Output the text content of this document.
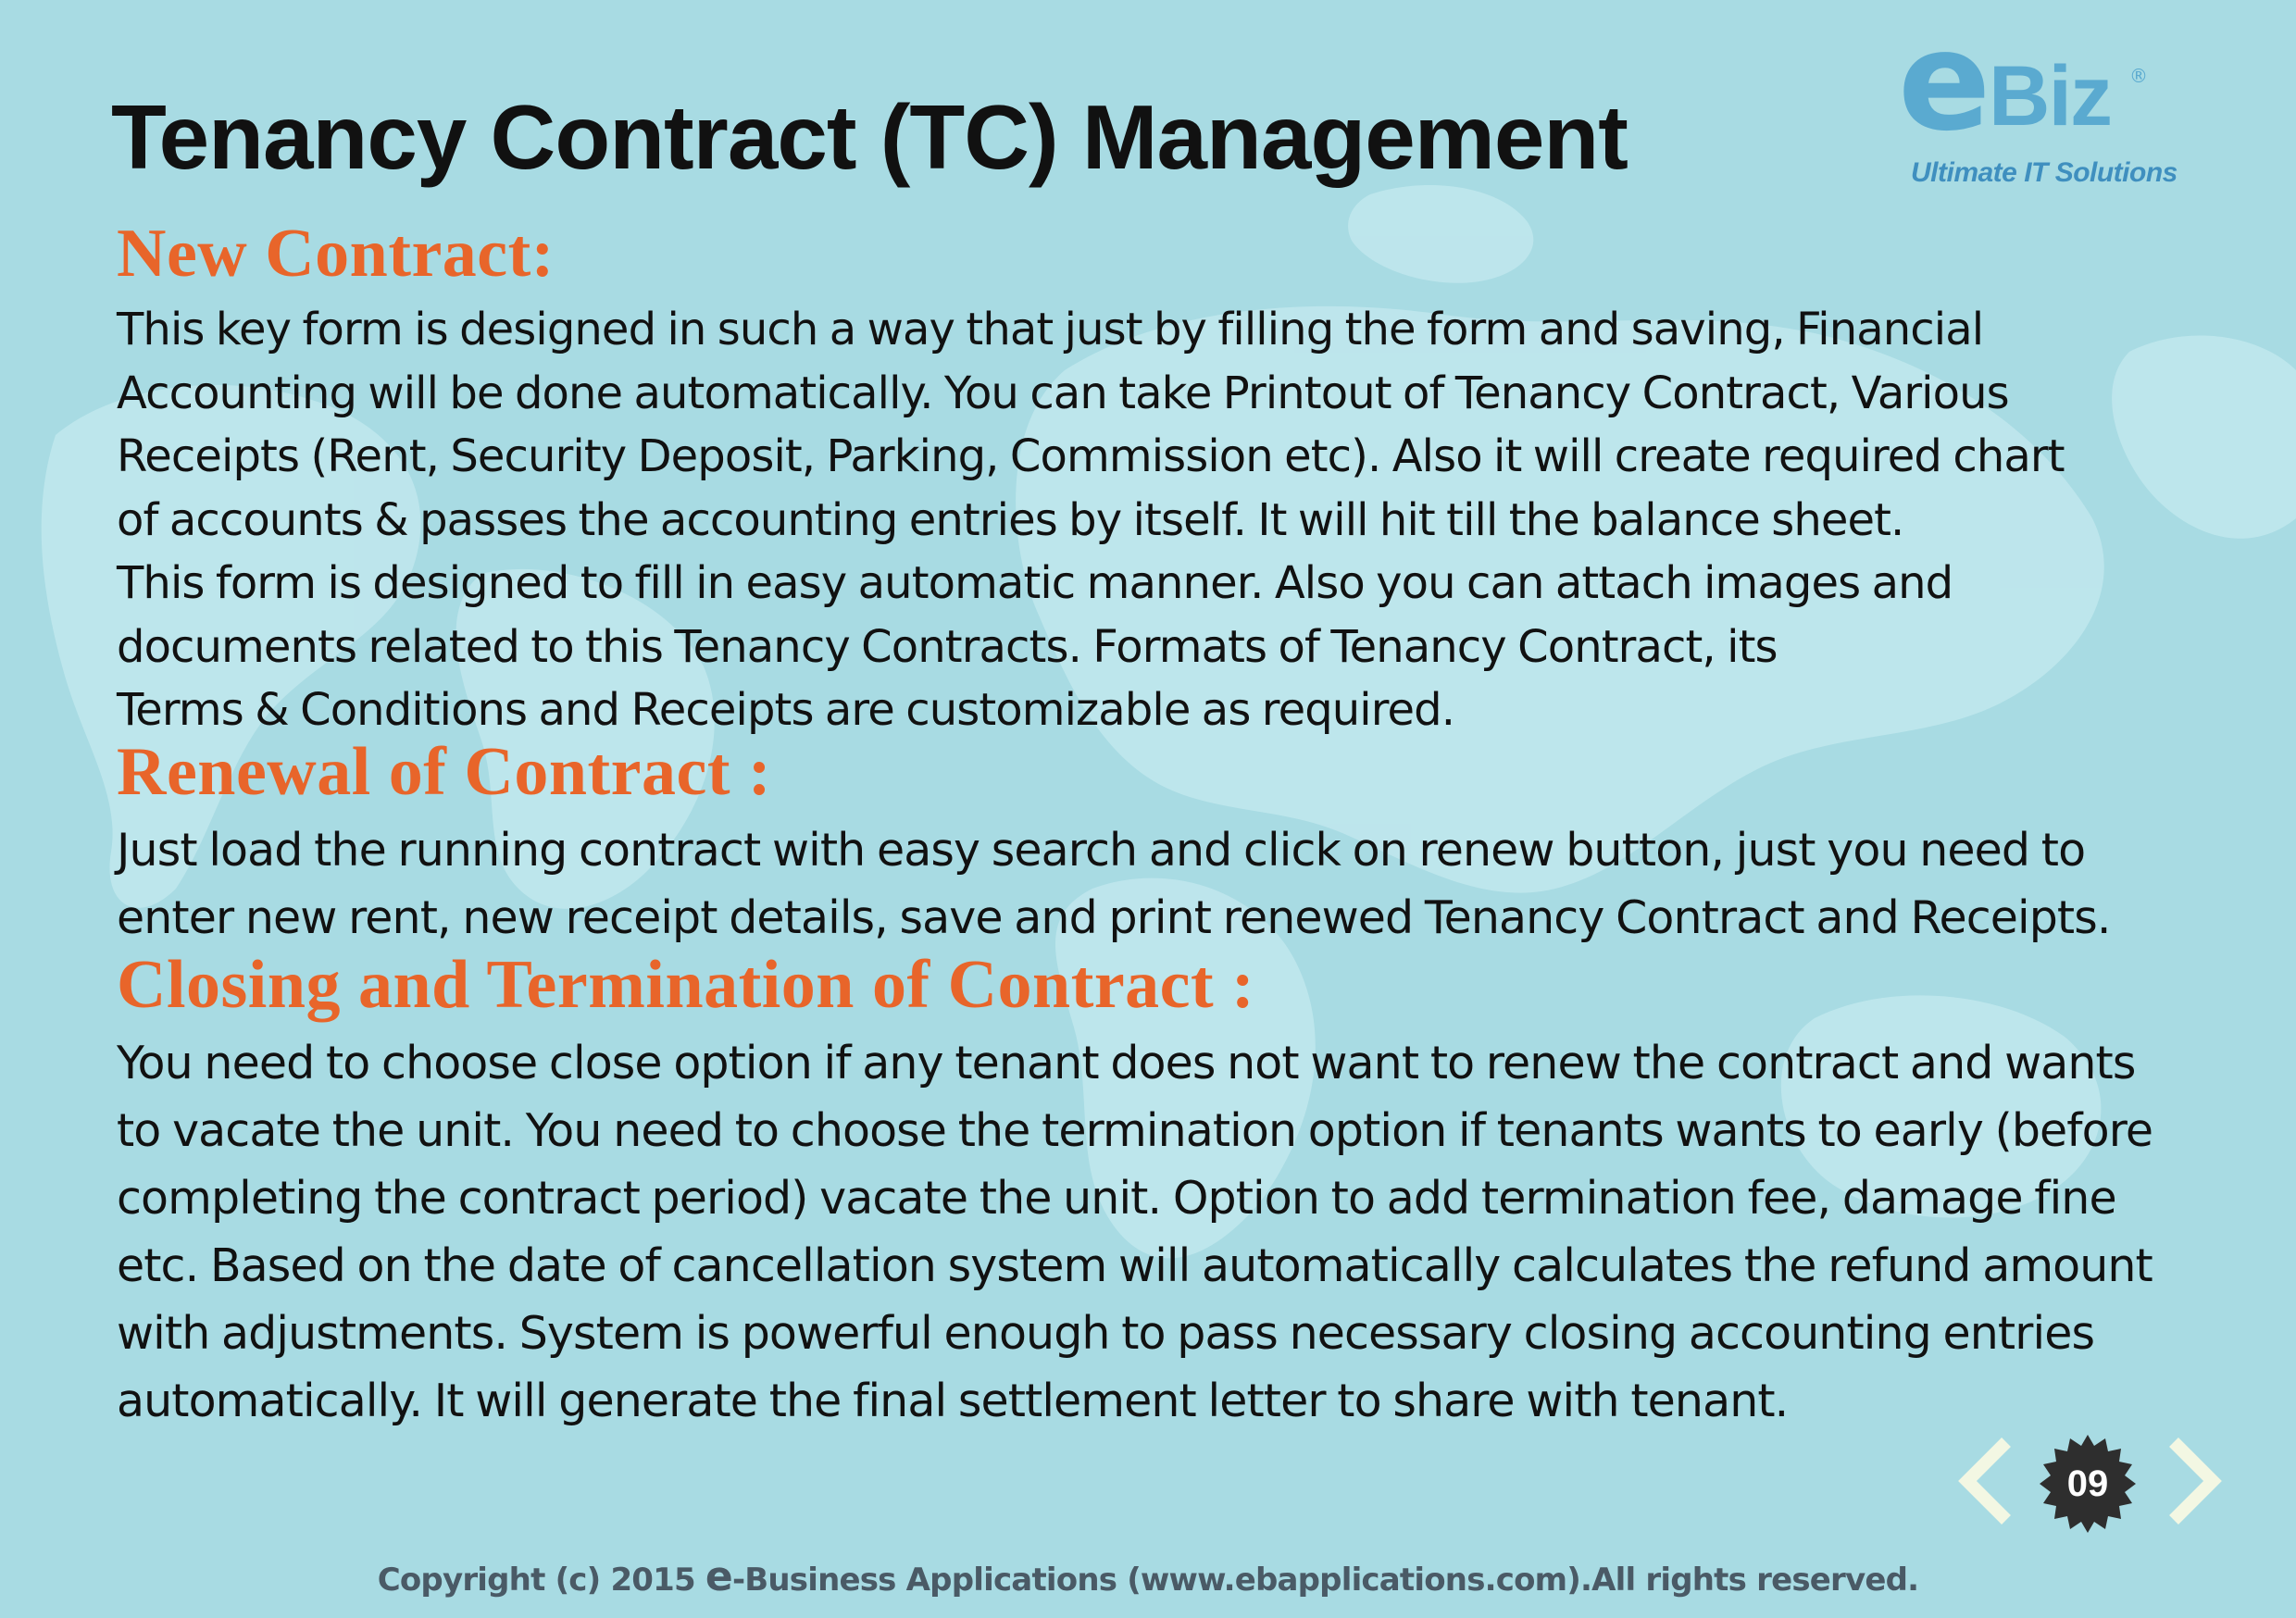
Tenancy Contract (TC) Management e
Biz ®
Ultimate IT Solutions
New Contract:

This key form is designed in such a way that just by filling the form and saving, Financial
Accounting will be done automatically. You can take Printout of Tenancy Contract, Various
Receipts (Rent, Security Deposit, Parking, Commission etc). Also it will create required chart
of accounts & passes the accounting entries by itself. It will hit till the balance sheet.
This form is designed to fill in easy automatic manner. Also you can attach images and
documents related to this Tenancy Contracts. Formats of Tenancy Contract, its
Terms & Conditions and Receipts are customizable as required.

Renewal of Contract :

Just load the running contract with easy search and click on renew button, just you need to
enter new rent, new receipt details, save and print renewed Tenancy Contract and Receipts.

Closing and Termination of Contract :

You need to choose close option if any tenant does not want to renew the contract and wants
to vacate the unit. You need to choose the termination option if tenants wants to early (before
completing the contract period) vacate the unit. Option to add termination fee, damage fine
etc. Based on the date of cancellation system will automatically calculates the refund amount
with adjustments. System is powerful enough to pass necessary closing accounting entries
automatically. It will generate the final settlement letter to share with tenant.

09
Copyright (c) 2015 e-Business Applications (www.ebapplications.com).All rights reserved.
